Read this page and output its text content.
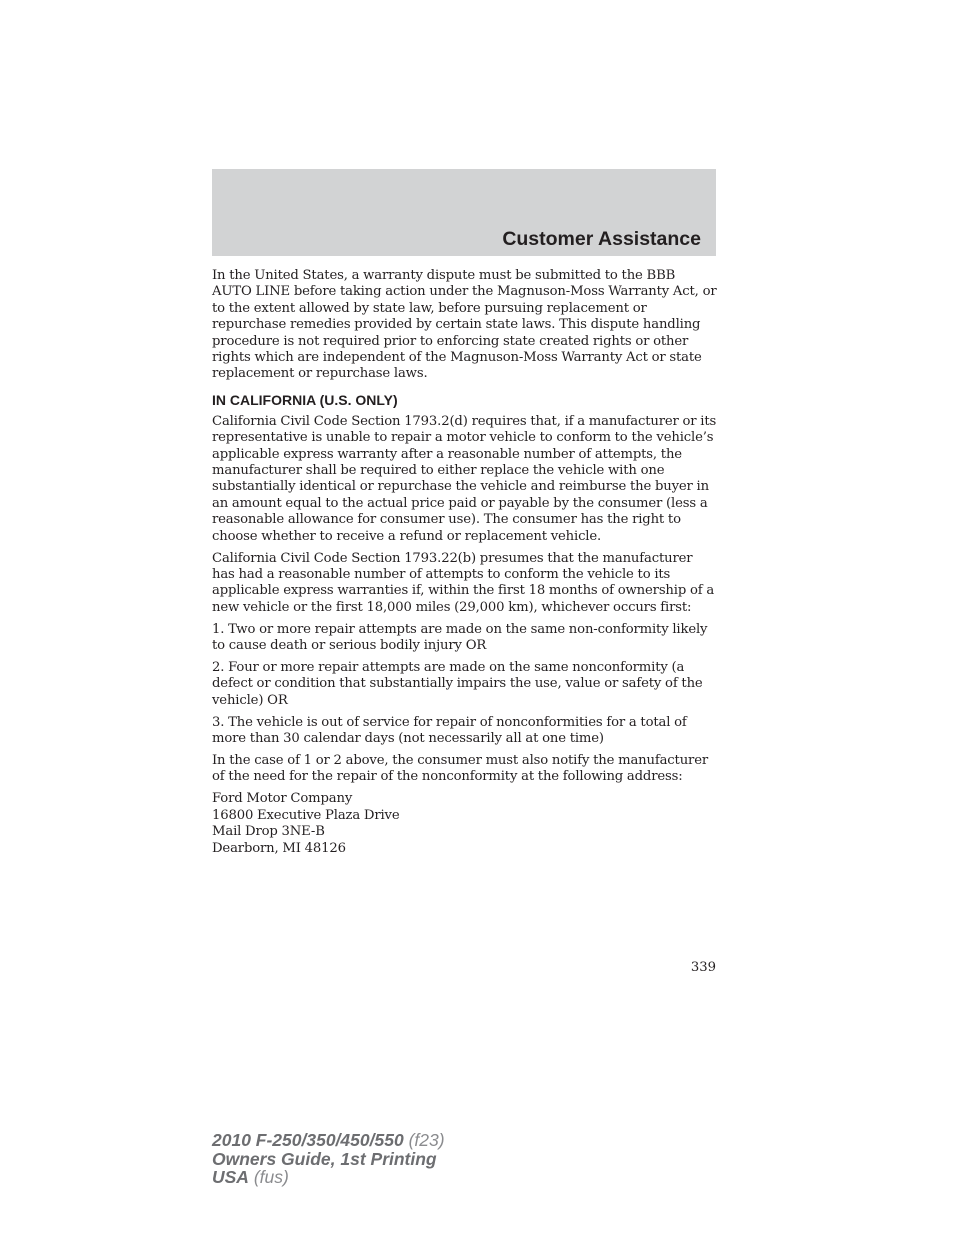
Customer Assistance

In the United States, a warranty dispute must be submitted to the BBB AUTO LINE before taking action under the Magnuson-Moss Warranty Act, or to the extent allowed by state law, before pursuing replacement or repurchase remedies provided by certain state laws. This dispute handling procedure is not required prior to enforcing state created rights or other rights which are independent of the Magnuson-Moss Warranty Act or state replacement or repurchase laws.

IN CALIFORNIA (U.S. ONLY)

California Civil Code Section 1793.2(d) requires that, if a manufacturer or its representative is unable to repair a motor vehicle to conform to the vehicle’s applicable express warranty after a reasonable number of attempts, the manufacturer shall be required to either replace the vehicle with one substantially identical or repurchase the vehicle and reimburse the buyer in an amount equal to the actual price paid or payable by the consumer (less a reasonable allowance for consumer use). The consumer has the right to choose whether to receive a refund or replacement vehicle.

California Civil Code Section 1793.22(b) presumes that the manufacturer has had a reasonable number of attempts to conform the vehicle to its applicable express warranties if, within the first 18 months of ownership of a new vehicle or the first 18,000 miles (29,000 km), whichever occurs first:

1. Two or more repair attempts are made on the same non-conformity likely to cause death or serious bodily injury OR

2. Four or more repair attempts are made on the same nonconformity (a defect or condition that substantially impairs the use, value or safety of the vehicle) OR

3. The vehicle is out of service for repair of nonconformities for a total of more than 30 calendar days (not necessarily all at one time)

In the case of 1 or 2 above, the consumer must also notify the manufacturer of the need for the repair of the nonconformity at the following address:

Ford Motor Company
16800 Executive Plaza Drive
Mail Drop 3NE-B
Dearborn, MI 48126

339
2010 F-250/350/450/550 (f23)
Owners Guide, 1st Printing
USA (fus)
